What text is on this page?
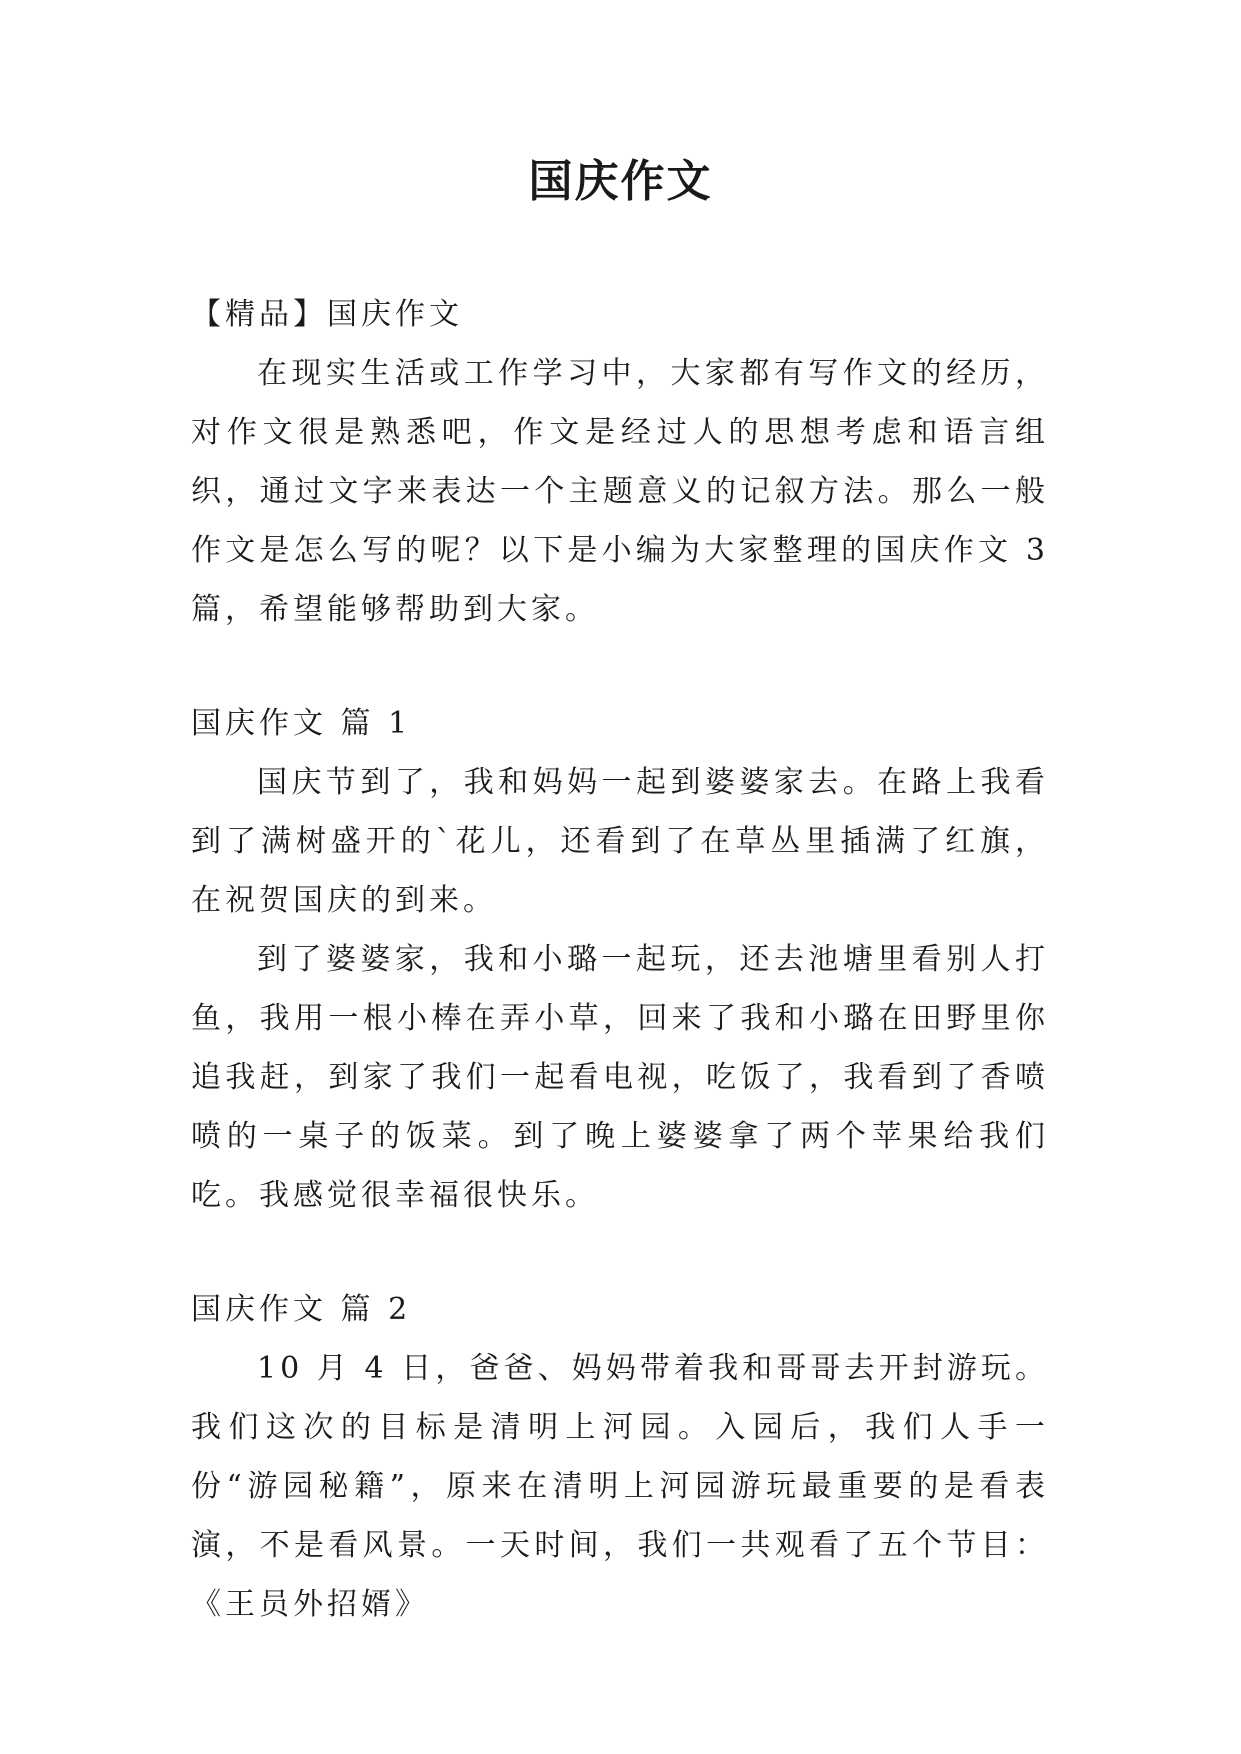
国庆作文

【精品】国庆作文

在现实生活或工作学习中，大家都有写作文的经历，对作文很是熟悉吧，作文是经过人的思想考虑和语言组织，通过文字来表达一个主题意义的记叙方法。那么一般作文是怎么写的呢？以下是小编为大家整理的国庆作文 3 篇，希望能够帮助到大家。

国庆作文 篇 1

国庆节到了，我和妈妈一起到婆婆家去。在路上我看到了满树盛开的`花儿，还看到了在草丛里插满了红旗，在祝贺国庆的到来。

到了婆婆家，我和小璐一起玩，还去池塘里看别人打鱼，我用一根小棒在弄小草，回来了我和小璐在田野里你追我赶，到家了我们一起看电视，吃饭了，我看到了香喷喷的一桌子的饭菜。到了晚上婆婆拿了两个苹果给我们吃。我感觉很幸福很快乐。

国庆作文 篇 2

10 月 4 日，爸爸、妈妈带着我和哥哥去开封游玩。我们这次的目标是清明上河园。入园后，我们人手一份“游园秘籍”，原来在清明上河园游玩最重要的是看表演，不是看风景。一天时间，我们一共观看了五个节目：《王员外招婿》
